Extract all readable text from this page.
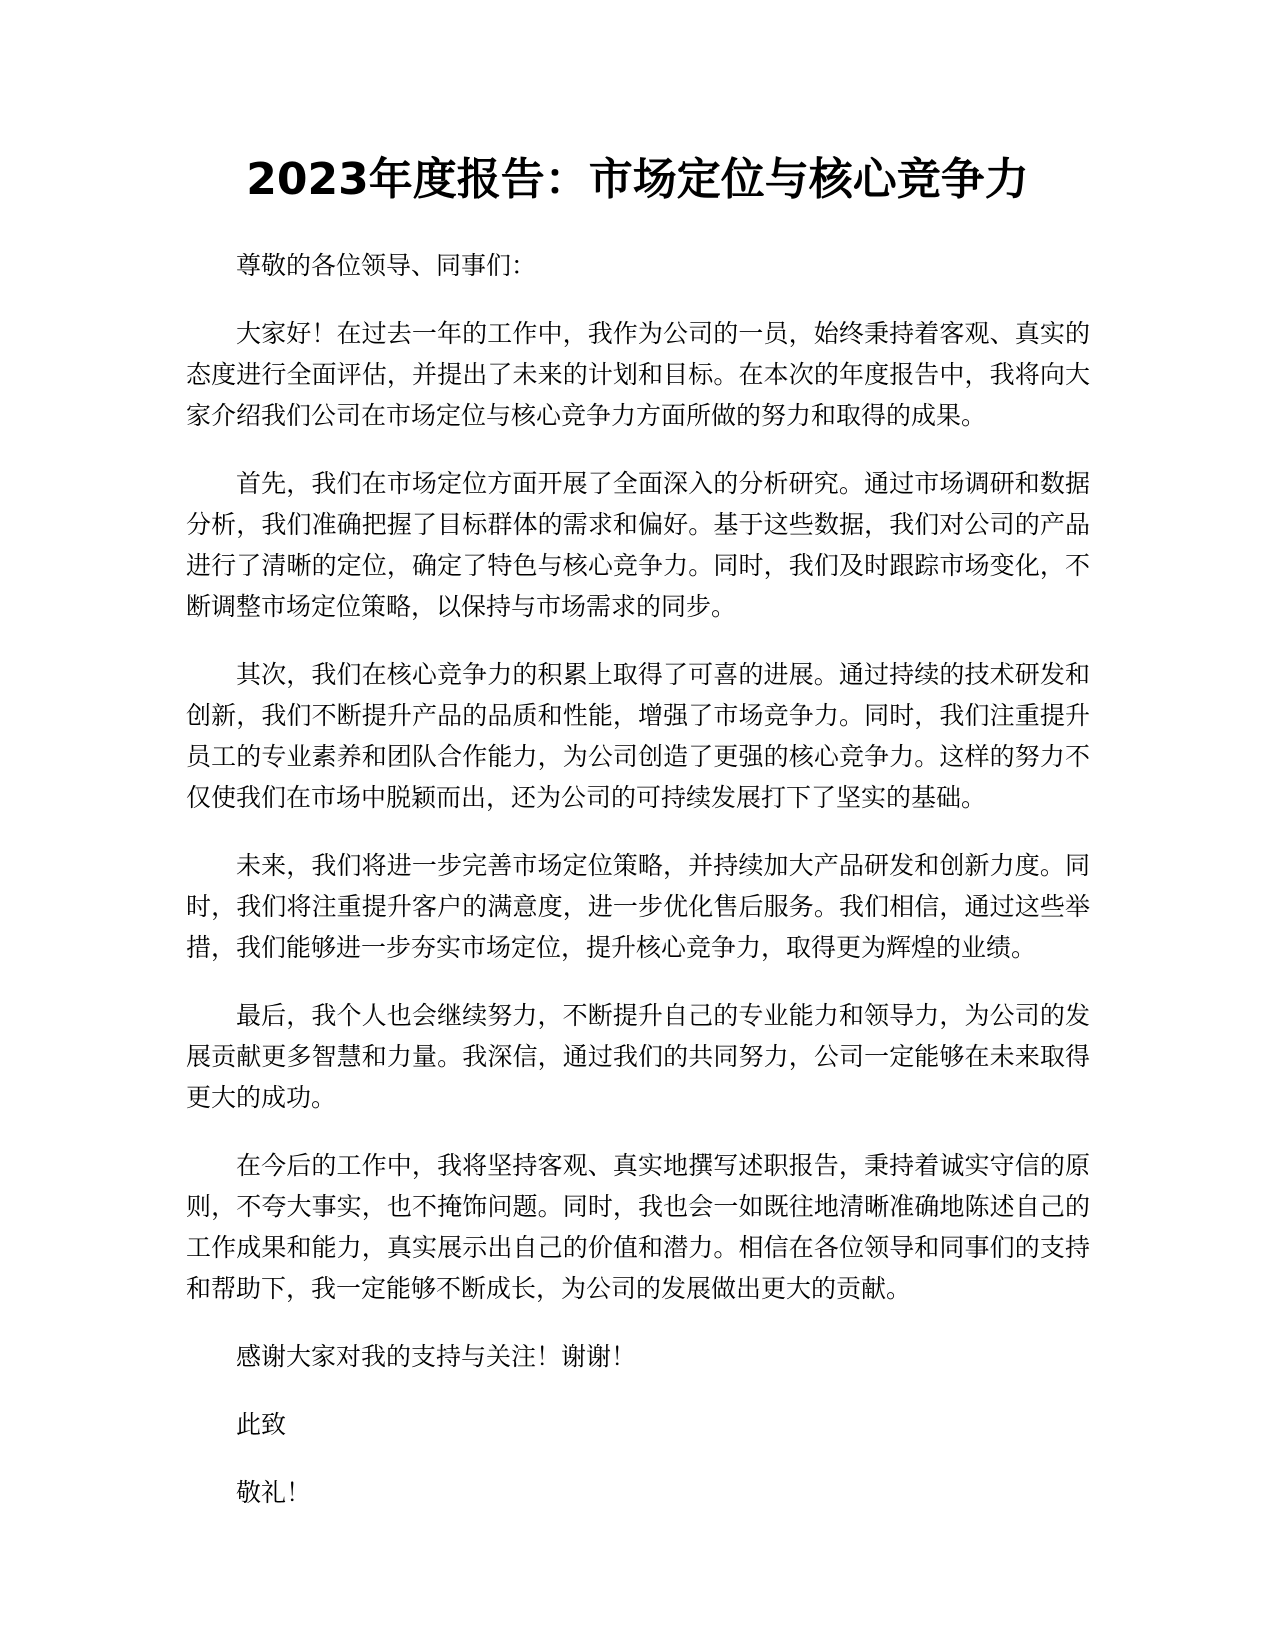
2023年度报告：市场定位与核心竞争力

尊敬的各位领导、同事们：

大家好！在过去一年的工作中，我作为公司的一员，始终秉持着客观、真实的态度进行全面评估，并提出了未来的计划和目标。在本次的年度报告中，我将向大家介绍我们公司在市场定位与核心竞争力方面所做的努力和取得的成果。

首先，我们在市场定位方面开展了全面深入的分析研究。通过市场调研和数据分析，我们准确把握了目标群体的需求和偏好。基于这些数据，我们对公司的产品进行了清晰的定位，确定了特色与核心竞争力。同时，我们及时跟踪市场变化，不断调整市场定位策略，以保持与市场需求的同步。

其次，我们在核心竞争力的积累上取得了可喜的进展。通过持续的技术研发和创新，我们不断提升产品的品质和性能，增强了市场竞争力。同时，我们注重提升员工的专业素养和团队合作能力，为公司创造了更强的核心竞争力。这样的努力不仅使我们在市场中脱颖而出，还为公司的可持续发展打下了坚实的基础。

未来，我们将进一步完善市场定位策略，并持续加大产品研发和创新力度。同时，我们将注重提升客户的满意度，进一步优化售后服务。我们相信，通过这些举措，我们能够进一步夯实市场定位，提升核心竞争力，取得更为辉煌的业绩。

最后，我个人也会继续努力，不断提升自己的专业能力和领导力，为公司的发展贡献更多智慧和力量。我深信，通过我们的共同努力，公司一定能够在未来取得更大的成功。

在今后的工作中，我将坚持客观、真实地撰写述职报告，秉持着诚实守信的原则，不夸大事实，也不掩饰问题。同时，我也会一如既往地清晰准确地陈述自己的工作成果和能力，真实展示出自己的价值和潜力。相信在各位领导和同事们的支持和帮助下，我一定能够不断成长，为公司的发展做出更大的贡献。

感谢大家对我的支持与关注！谢谢！

此致

敬礼！
